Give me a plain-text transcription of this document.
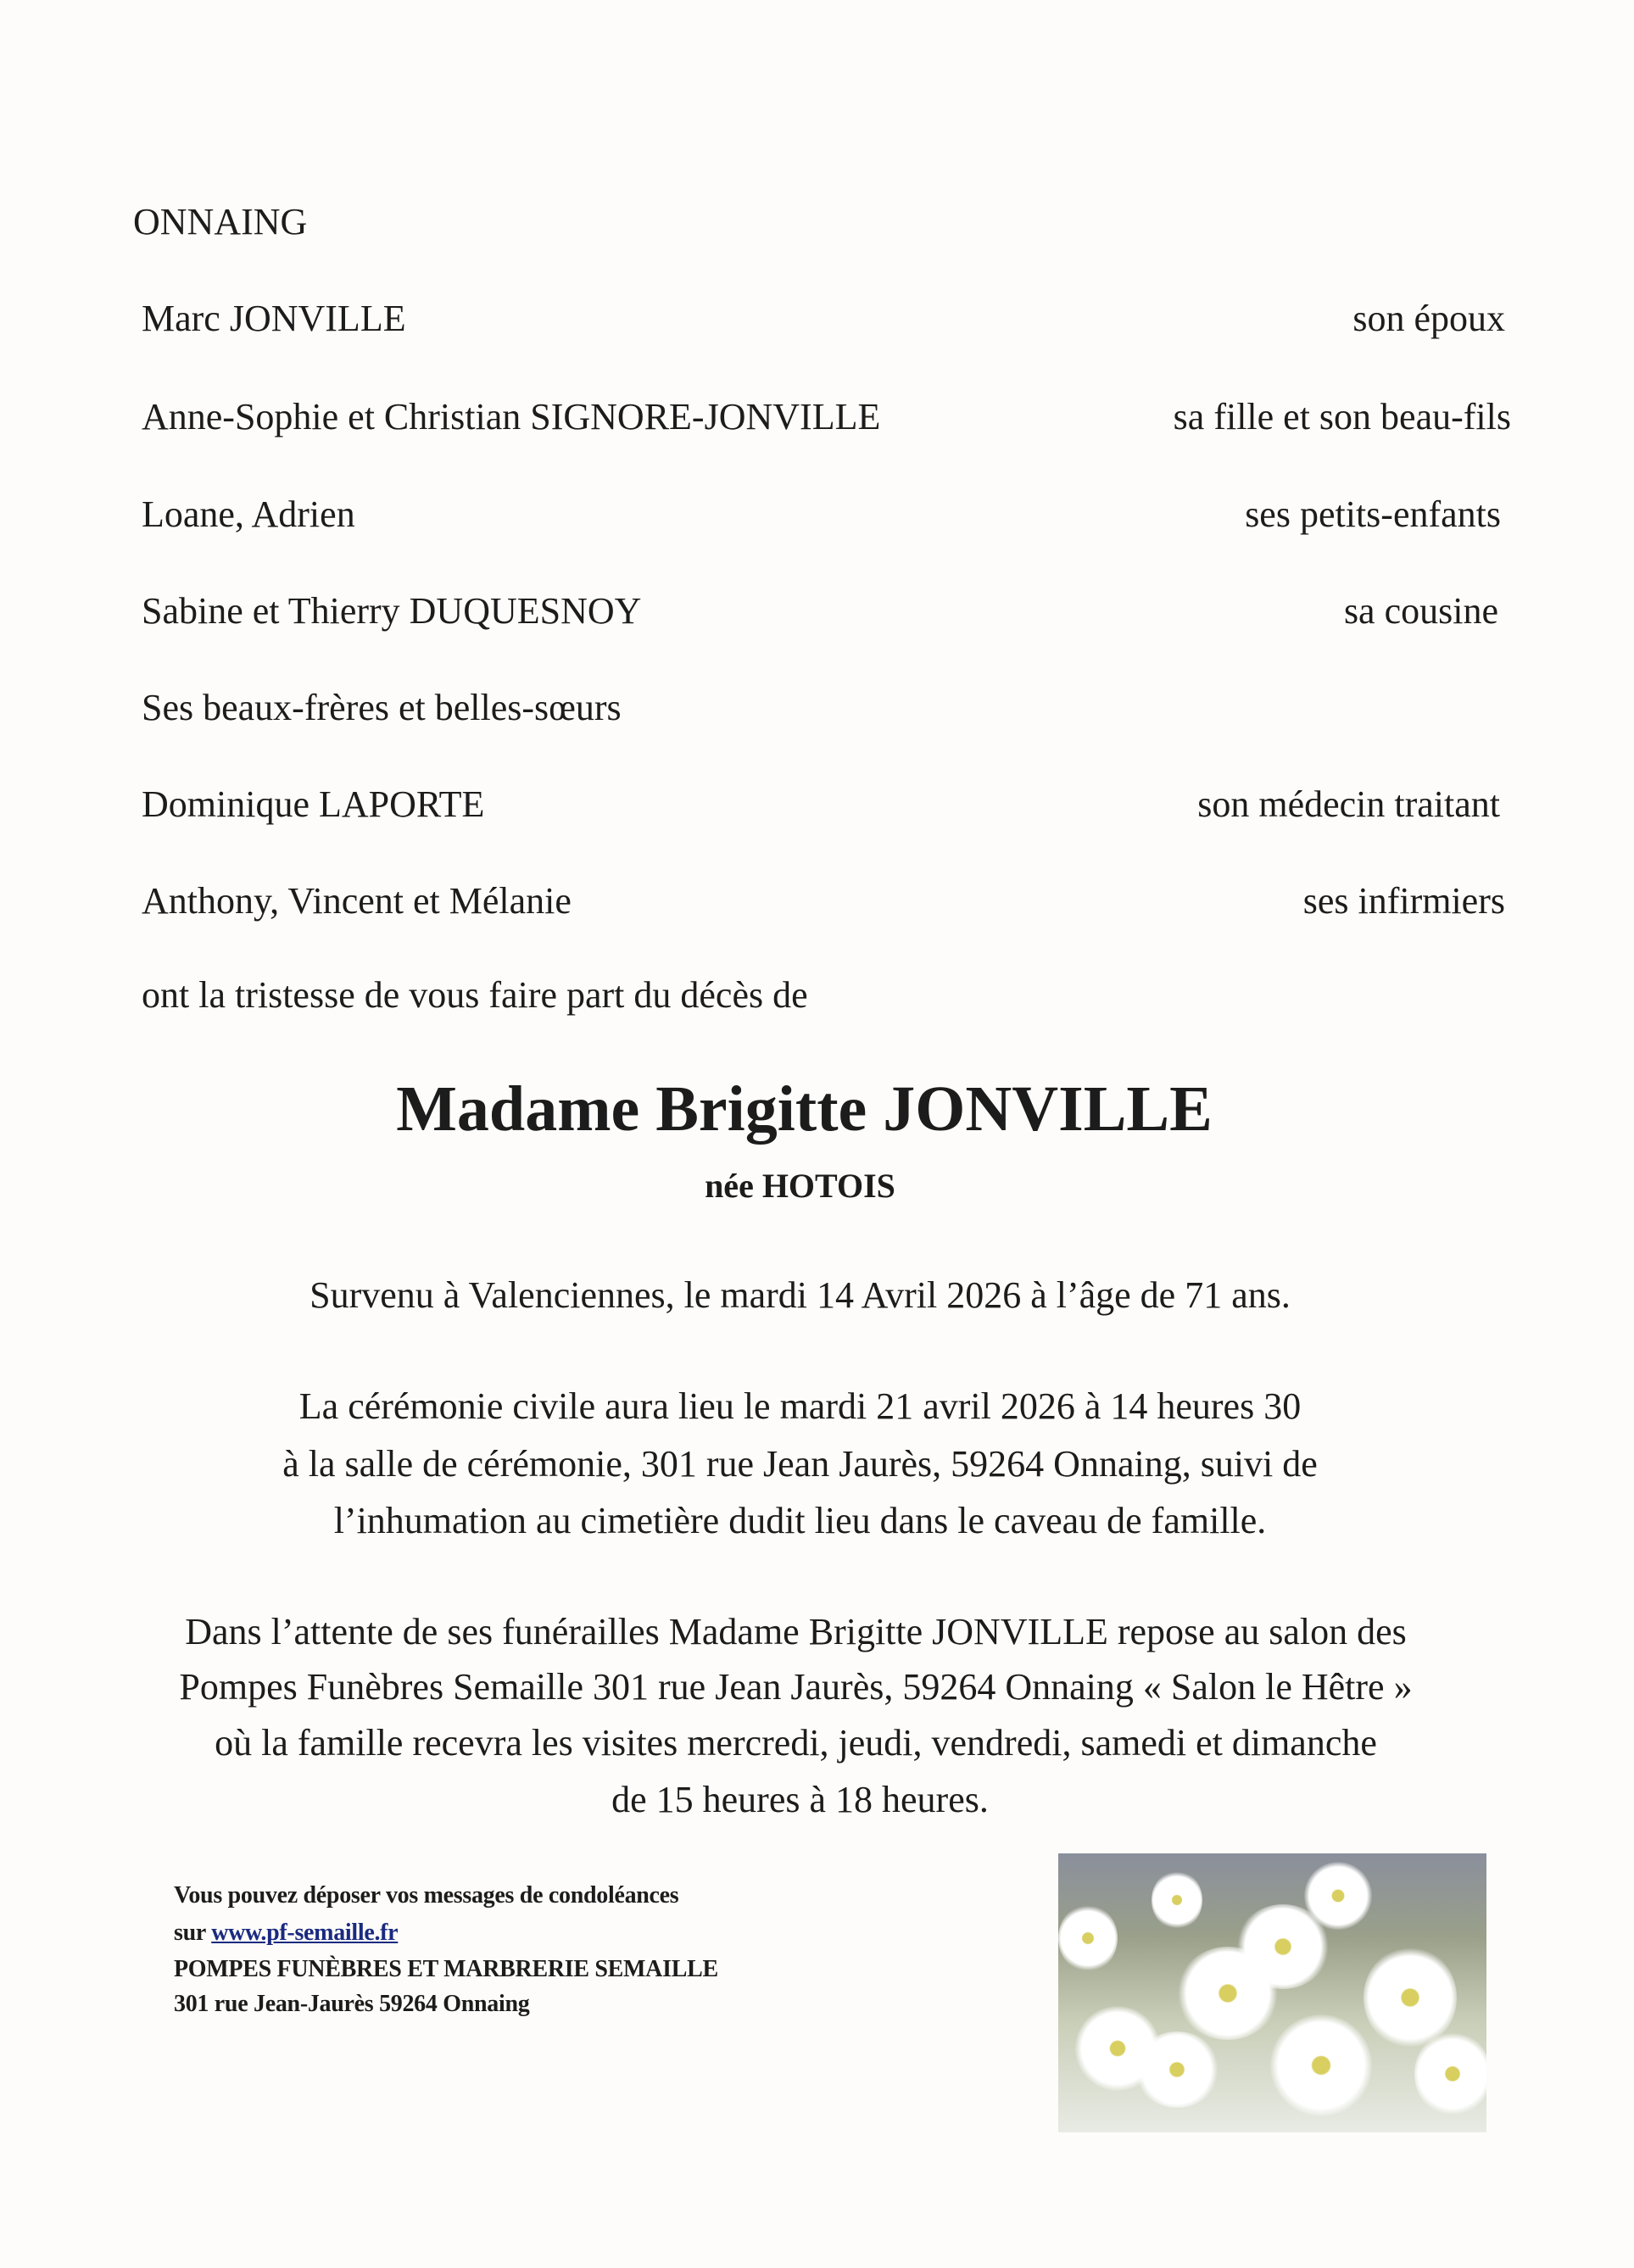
ONNAING
Marc JONVILLE	son époux
Anne-Sophie et Christian SIGNORE-JONVILLE	sa fille et son beau-fils
Loane, Adrien	ses petits-enfants
Sabine et Thierry DUQUESNOY	sa cousine
Ses beaux-frères et belles-sœurs
Dominique LAPORTE	son médecin traitant
Anthony, Vincent et Mélanie	ses infirmiers
ont la tristesse de vous faire part du décès de
Madame Brigitte JONVILLE
née HOTOIS
Survenu à Valenciennes, le mardi 14 Avril 2026 à l’âge de 71 ans.
La cérémonie civile aura lieu le mardi 21 avril 2026 à 14 heures 30
à la salle de cérémonie, 301 rue Jean Jaurès, 59264 Onnaing, suivi de
l’inhumation au cimetière dudit lieu dans le caveau de famille.
Dans l’attente de ses funérailles Madame Brigitte JONVILLE repose au salon des
Pompes Funèbres Semaille 301 rue Jean Jaurès, 59264 Onnaing « Salon le Hêtre »
où la famille recevra les visites mercredi, jeudi, vendredi, samedi et dimanche
de 15 heures à 18 heures.
Vous pouvez déposer vos messages de condoléances
sur www.pf-semaille.fr
POMPES FUNÈBRES ET MARBRERIE SEMAILLE
301 rue Jean-Jaurès 59264 Onnaing
